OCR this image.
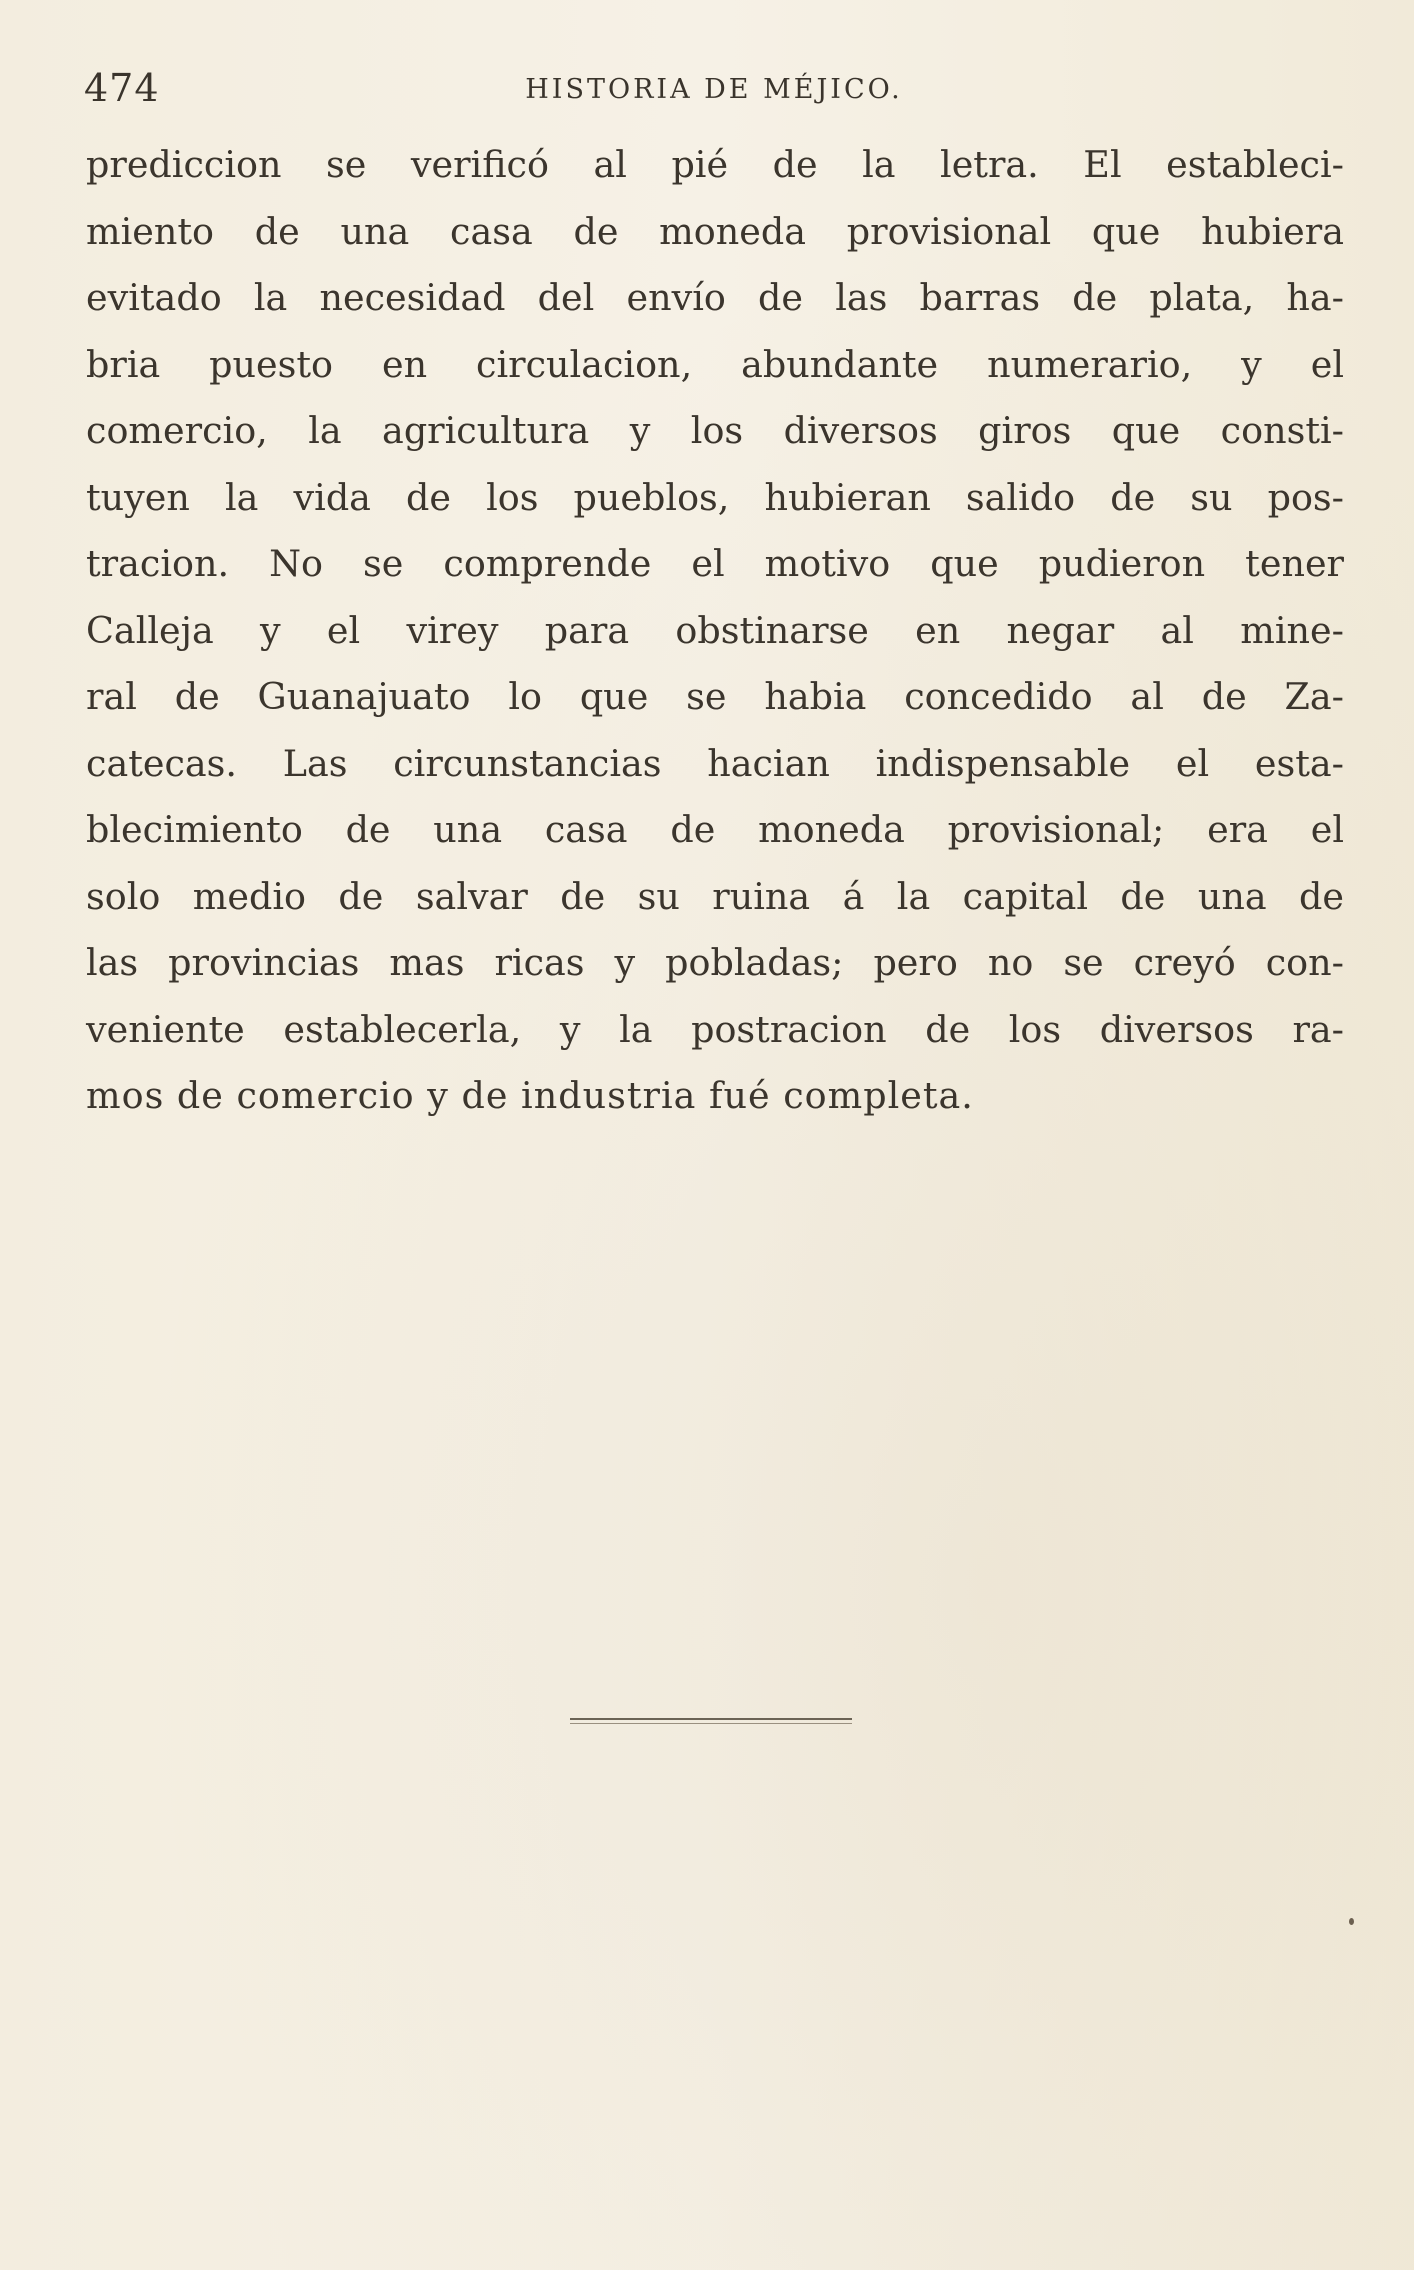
474	HISTORIA DE MÉJICO.
prediccion se verificó al pié de la letra. El estableci-
miento de una casa de moneda provisional que hubiera
evitado la necesidad del envío de las barras de plata, ha-
bria puesto en circulacion, abundante numerario, y el
comercio, la agricultura y los diversos giros que consti-
tuyen la vida de los pueblos, hubieran salido de su pos-
tracion. No se comprende el motivo que pudieron tener
Calleja y el virey para obstinarse en negar al mine-
ral de Guanajuato lo que se habia concedido al de Za-
catecas. Las circunstancias hacian indispensable el esta-
blecimiento de una casa de moneda provisional; era el
solo medio de salvar de su ruina á la capital de una de
las provincias mas ricas y pobladas; pero no se creyó con-
veniente establecerla, y la postracion de los diversos ra-
mos de comercio y de industria fué completa.
